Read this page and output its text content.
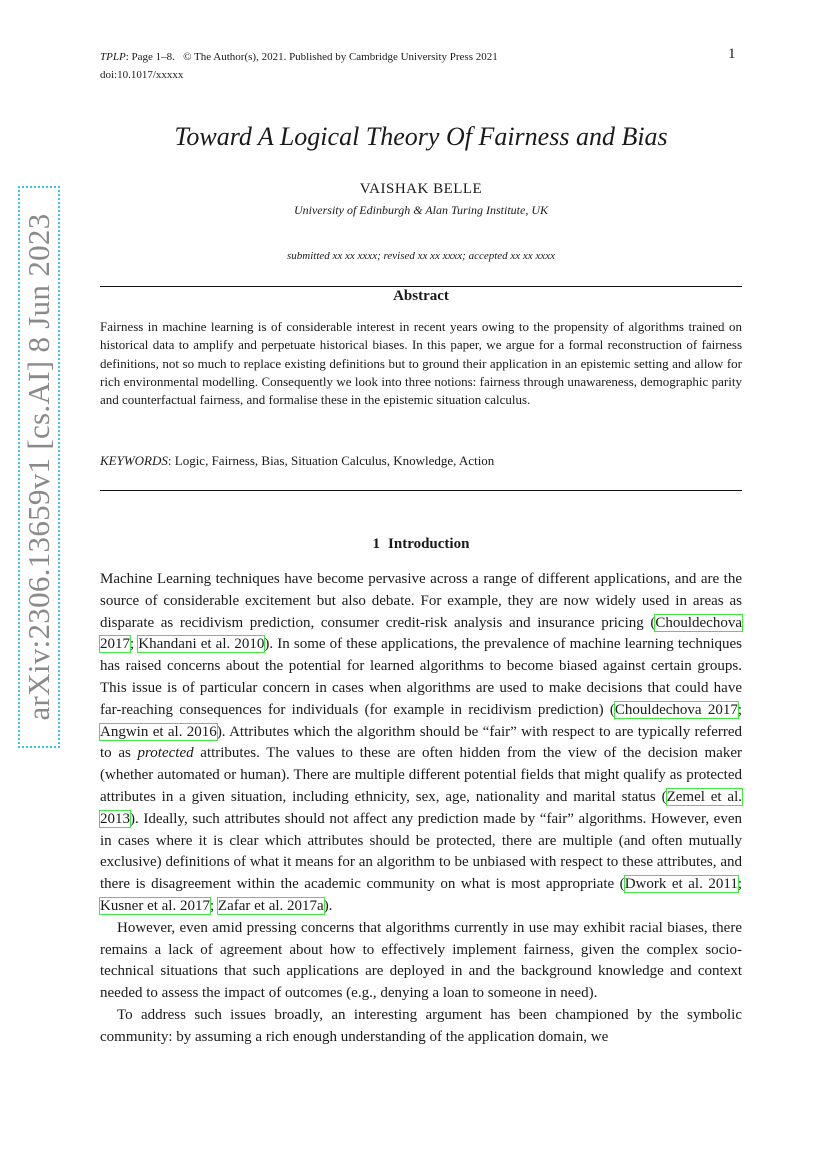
TPLP: Page 1–8. © The Author(s), 2021. Published by Cambridge University Press 2021
doi:10.1017/xxxxx
1
arXiv:2306.13659v1 [cs.AI] 8 Jun 2023
Toward A Logical Theory Of Fairness and Bias
VAISHAK BELLE
University of Edinburgh & Alan Turing Institute, UK
submitted xx xx xxxx; revised xx xx xxxx; accepted xx xx xxxx
Abstract
Fairness in machine learning is of considerable interest in recent years owing to the propensity of algorithms trained on historical data to amplify and perpetuate historical biases. In this paper, we argue for a formal reconstruction of fairness definitions, not so much to replace existing definitions but to ground their application in an epistemic setting and allow for rich environmental modelling. Consequently we look into three notions: fairness through unawareness, demographic parity and counterfactual fairness, and formalise these in the epistemic situation calculus.
KEYWORDS: Logic, Fairness, Bias, Situation Calculus, Knowledge, Action
1 Introduction

Machine Learning techniques have become pervasive across a range of different applications, and are the source of considerable excitement but also debate. For example, they are now widely used in areas as disparate as recidivism prediction, consumer credit-risk analysis and insurance pricing (Chouldechova 2017; Khandani et al. 2010). In some of these applications, the prevalence of machine learning techniques has raised concerns about the potential for learned algorithms to become biased against certain groups. This issue is of particular concern in cases when algorithms are used to make decisions that could have far-reaching consequences for individuals (for example in recidivism prediction) (Chouldechova 2017; Angwin et al. 2016). Attributes which the algorithm should be “fair” with respect to are typically referred to as protected attributes. The values to these are often hidden from the view of the decision maker (whether automated or human). There are multiple different potential fields that might qualify as protected attributes in a given situation, including ethnicity, sex, age, nationality and marital status (Zemel et al. 2013). Ideally, such attributes should not affect any prediction made by “fair” algorithms. However, even in cases where it is clear which attributes should be protected, there are multiple (and often mutually exclusive) definitions of what it means for an algorithm to be unbiased with respect to these attributes, and there is disagreement within the academic community on what is most appropriate (Dwork et al. 2011; Kusner et al. 2017; Zafar et al. 2017a).

However, even amid pressing concerns that algorithms currently in use may exhibit racial biases, there remains a lack of agreement about how to effectively implement fairness, given the complex socio-technical situations that such applications are deployed in and the background knowledge and context needed to assess the impact of outcomes (e.g., denying a loan to someone in need).

To address such issues broadly, an interesting argument has been championed by the symbolic community: by assuming a rich enough understanding of the application domain, we
